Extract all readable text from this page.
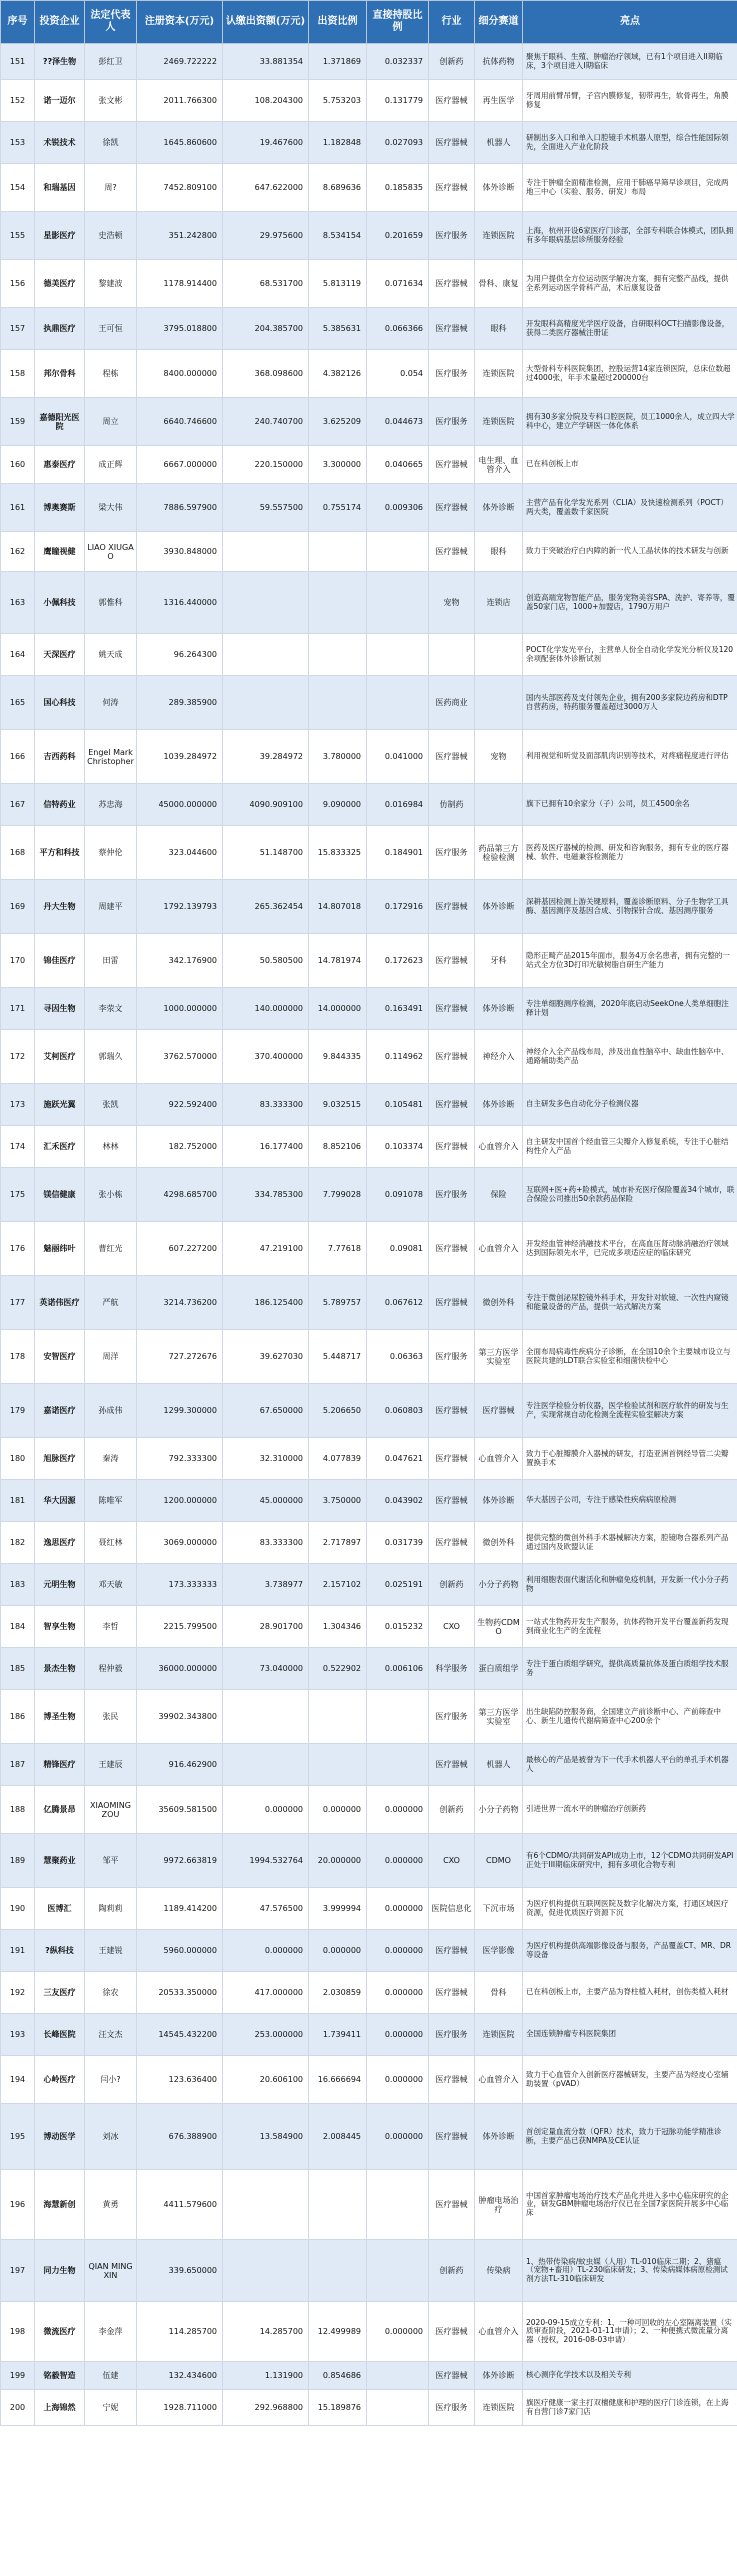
序号	投资企业	法定代表人	注册资本(万元)	认缴出资额(万元)	出资比例	直接持股比例	行业	细分赛道	亮点
151	??泽生物	彭红卫	2469.722222	33.881354	1.371869	0.032337	创新药	抗体药物	聚焦于眼科、生殖、肿瘤治疗领域，已有1个项目进入II期临床，3个项目进入I期临床
152	诺一迈尔	张文彬	2011.766300	108.204300	5.753203	0.131779	医疗器械	再生医学	牙周用前臂吊臂，子宫内膜修复，韧带再生，软骨再生，角膜修复
153	术锐技术	徐凯	1645.860600	19.467600	1.182848	0.027093	医疗器械	机器人	研制出多入口和单入口腔镜手术机器人原型，综合性能国际领先，全面进入产业化阶段
154	和瑞基因	周?	7452.809100	647.622000	8.689636	0.185835	医疗器械	体外诊断	专注于肿瘤全面精准检测，应用于肺癌早筛早诊项目，完成两地三中心（实验、服务、研发）布局
155	星影医疗	史浩顿	351.242800	29.975600	8.534154	0.201659	医疗服务	连锁医院	上海，杭州开设6家医疗门诊部，全部专科联合体模式，团队拥有多年眼病基层诊所服务经验
156	德美医疗	黎建波	1178.914400	68.531700	5.813119	0.071634	医疗器械	骨科、康复	为用户提供全方位运动医学解决方案，拥有完整产品线，提供全系列运动医学骨科产品，术后康复设备
157	执鼎医疗	王可恒	3795.018800	204.385700	5.385631	0.066366	医疗器械	眼科	开发眼科高精度光学医疗设备，自研眼科OCT扫描影像设备，获得二类医疗器械注册证
158	邦尔骨科	程栋	8400.000000	368.098600	4.382126	0.054	医疗服务	连锁医院	大型骨科专科医院集团，控股运营14家连锁医院，总床位数超过4000张，年手术量超过200000台
159	嘉德阳光医院	周立	6640.746600	240.740700	3.625209	0.044673	医疗服务	连锁医院	拥有30多家分院及专科口腔医院，员工1000余人，成立四大学科中心，建立产学研医一体化体系
160	惠泰医疗	成正辉	6667.000000	220.150000	3.300000	0.040665	医疗器械	电生理、血管介入	已在科创板上市
161	博奥赛斯	梁大伟	7886.597900	59.557500	0.755174	0.009306	医疗器械	体外诊断	主营产品有化学发光系列（CLIA）及快速检测系列（POCT）两大类，覆盖数千家医院
162	鹰瞳视健	LIAO XIUGAO	3930.848000				医疗器械	眼科	致力于突破治疗白内障的新一代人工晶状体的技术研发与创新
163	小佩科技	郭惟科	1316.440000				宠物	连锁店	创造高端宠物智能产品，服务宠物美容SPA、洗护、寄养等，覆盖50家门店，1000+加盟店，1790万用户
164	天深医疗	姚天成	96.264300						POCT化学发光平台，主营单人份全自动化学发光分析仪及120余项配套体外诊断试剂
165	国心科技	何涛	289.385900				医药商业		国内头部医药及支付领先企业，拥有200多家院边药房和DTP自营药房，特药服务覆盖超过3000万人
166	吉西药科	Engel Mark Christopher	1039.284972	39.284972	3.780000	0.041000	医疗器械	宠物	利用视觉和听觉及面部肌肉识别等技术，对疼痛程度进行评估
167	信特药业	苏忠海	45000.000000	4090.909100	9.090000	0.016984	仿制药		旗下已拥有10余家分（子）公司，员工4500余名
168	平方和科技	蔡仲伦	323.044600	51.148700	15.833325	0.184901	医疗服务	药品第三方检验检测	医药及医疗器械的检测、研发和咨询服务，拥有专业的医疗器械、软件、电磁兼容检测能力
169	丹大生物	周建平	1792.139793	265.362454	14.807018	0.172916	医疗器械	体外诊断	深耕基因检测上游关键原料，覆盖诊断原料、分子生物学工具酶、基因测序及基因合成、引物探针合成、基因测序服务
170	锦佳医疗	田雷	342.176900	50.580500	14.781974	0.172623	医疗器械	牙科	隐形正畸产品2015年面市，服务4万余名患者，拥有完整的一站式全方位3D打印光敏树脂自研生产能力
171	寻因生物	李荥文	1000.000000	140.000000	14.000000	0.163491	医疗器械	体外诊断	专注单细胞测序检测，2020年底启动SeekOne人类单细胞注释计划
172	艾柯医疗	郭瑞久	3762.570000	370.400000	9.844335	0.114962	医疗器械	神经介入	神经介入全产品线布局，涉及出血性脑卒中、缺血性脑卒中、通路辅助类产品
173	施跃光翼	张凯	922.592400	83.333300	9.032515	0.105481	医疗器械	体外诊断	自主研发多色自动化分子检测仪器
174	汇禾医疗	林林	182.752000	16.177400	8.852106	0.103374	医疗器械	心血管介入	自主研发中国首个经血管三尖瓣介入修复系统，专注于心脏结构性介入产品
175	镁信健康	张小栋	4298.685700	334.785300	7.799028	0.091078	医疗服务	保险	互联网+医+药+险模式，城市补充医疗保险覆盖34个城市，联合保险公司推出50余款药品保险
176	魅丽纬叶	曹红光	607.227200	47.219100	7.77618	0.09081	医疗器械	心血管介入	开发经血管神经消融技术平台，在高血压肾动脉消融治疗领域达到国际领先水平，已完成多项适应症的临床研究
177	英诺伟医疗	严航	3214.736200	186.125400	5.789757	0.067612	医疗器械	微创外科	专注于微创泌尿腔镜外科手术，开发针对软镜、一次性内窥镜和能量设备的产品，提供一站式解决方案
178	安智医疗	周洋	727.272676	39.627030	5.448717	0.06363	医疗服务	第三方医学实验室	全面布局病毒性疾病分子诊断，在全国10余个主要城市设立与医院共建的LDT联合实验室和细菌快检中心
179	嘉诺医疗	孙成伟	1299.300000	67.650000	5.206650	0.060803	医疗器械	医疗器械	专注医学检验分析仪器，医学检验试剂和医疗软件的研发与生产，实现常规自动化检测全流程实验室解决方案
180	旭脉医疗	秦涛	792.333300	32.310000	4.077839	0.047621	医疗器械	心血管介入	致力于心脏瓣膜介入器械的研发，打造亚洲首例经导管二尖瓣置换手术
181	华大因源	陈唯军	1200.000000	45.000000	3.750000	0.043902	医疗器械	体外诊断	华大基因子公司，专注于感染性疾病病原检测
182	逸思医疗	聂红林	3069.000000	83.333300	2.717897	0.031739	医疗器械	微创外科	提供完整的微创外科手术器械解决方案，腔镜吻合器系列产品通过国内及欧盟认证
183	元明生物	邓天敏	173.333333	3.738977	2.157102	0.025191	创新药	小分子药物	利用细胞表面代谢活化和肿瘤免疫机制，开发新一代小分子药物
184	智享生物	李哲	2215.799500	28.901700	1.304346	0.015232	CXO	生物药CDMO	一站式生物药开发生产服务，抗体药物开发平台覆盖新药发现到商业化生产的全流程
185	景杰生物	程仲毅	36000.000000	73.040000	0.522902	0.006106	科学服务	蛋白质组学	专注于蛋白质组学研究，提供高质量抗体及蛋白质组学技术服务
186	博圣生物	张民	39902.343800				医疗服务	第三方医学实验室	出生缺陷防控服务商，全国建立产前诊断中心、产前筛查中心、新生儿遗传代谢病筛查中心200余个
187	精锋医疗	王建辰	916.462900				医疗器械	机器人	最核心的产品是被誉为下一代手术机器人平台的单孔手术机器人
188	亿腾景昂	XIAOMING ZOU	35609.581500	0.000000	0.000000	0.000000	创新药	小分子药物	引进世界一流水平的肿瘤治疗创新药
189	慧聚药业	邹平	9972.663819	1994.532764	20.000000	0.000000	CXO	CDMO	有6个CDMO/共同研发API成功上市，12个CDMO共同研发API正处于III期临床研究中，拥有多项化合物专利
190	医博汇	陶莉莉	1189.414200	47.576500	3.999994	0.000000	医院信息化	下沉市场	为医疗机构提供互联网医院及数字化解决方案，打通区域医疗资源，促进优质医疗资源下沉
191	?纵科技	王建锐	5960.000000	0.000000	0.000000	0.000000	医疗器械	医学影像	为医疗机构提供高端影像设备与服务，产品覆盖CT、MR、DR等设备
192	三友医疗	徐农	20533.350000	417.000000	2.030859	0.000000	医疗器械	骨科	已在科创板上市，主要产品为脊柱植入耗材，创伤类植入耗材
193	长峰医院	汪文杰	14545.432200	253.000000	1.739411	0.000000	医疗服务	连锁医院	全国连锁肿瘤专科医院集团
194	心岭医疗	闫小?	123.636400	20.606100	16.666694	0.000000	医疗器械	心血管介入	致力于心血管介入创新医疗器械研发，主要产品为经皮心室辅助装置（pVAD）
195	博动医学	刘冰	676.388900	13.584900	2.008445	0.000000	医疗器械	体外诊断	首创定量血流分数（QFR）技术，致力于冠脉功能学精准诊断，主要产品已获NMPA及CE认证
196	海慧新创	黄勇	4411.579600				医疗器械	肿瘤电场治疗	中国首家肿瘤电场治疗技术产品化并进入多中心临床研究的企业，研发GBM肿瘤电场治疗仪已在全国7家医院开展多中心临床
197	同力生物	QIAN MINGXIN	339.650000				创新药	传染病	1、热带传染病/蚊虫媒（人用）TL-010临床二期；2、猪瘟（宠物+畜用）TL-230临床研发；3、传染病媒体病原检测试剂方法TL-310临床研发
198	微流医疗	李金萍	114.285700	14.285700	12.499989	0.000000	医疗器械	心血管介入	2020-09-15成立专利：1、一种可回收的左心室隔离装置（实质审查阶段，2021-01-11申请）；2、一种便携式微流量分离器（授权，2016-08-03申请）
199	铭毅智造	伍建	132.434600	1.131900	0.854686		医疗器械	体外诊断	核心测序化学技术以及相关专利
200	上海锦然	宁妮	1928.711000	292.968800	15.189876		医疗服务	连锁医院	旗医疗健康一家主打双檀健康和护理的医疗门诊连锁，在上海有自营门诊7家门店
